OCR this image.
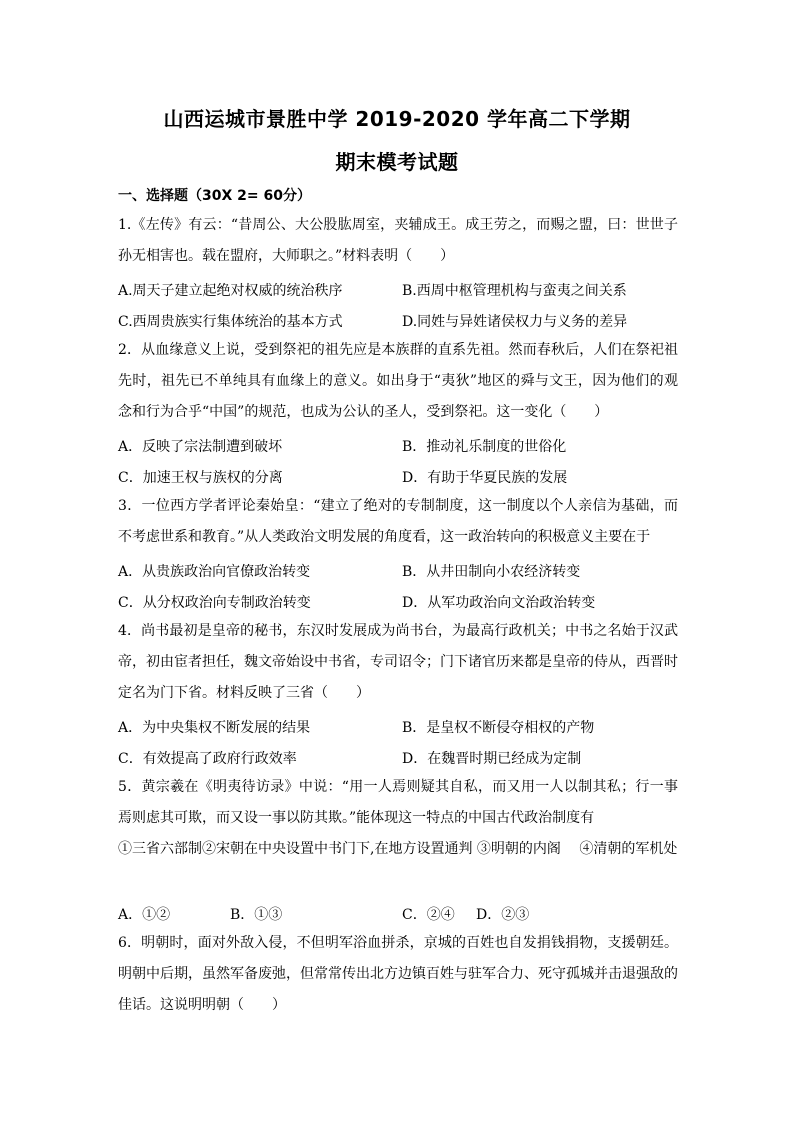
山西运城市景胜中学 2019-2020 学年高二下学期
期末模考试题
一、选择题（30X 2= 60分）

1.《左传》有云：“昔周公、大公股肱周室，夹辅成王。成王劳之，而赐之盟，曰：世世子孙无相害也。载在盟府，大师职之。”材料表明（　　）

A.周天子建立起绝对权威的统治秩序	B.西周中枢管理机构与蛮夷之间关系
C.西周贵族实行集体统治的基本方式	D.同姓与异姓诸侯权力与义务的差异

2．从血缘意义上说，受到祭祀的祖先应是本族群的直系先祖。然而春秋后，人们在祭祀祖先时，祖先已不单纯具有血缘上的意义。如出身于“夷狄”地区的舜与文王，因为他们的观念和行为合乎“中国”的规范，也成为公认的圣人，受到祭祀。这一变化（　　）

A．反映了宗法制遭到破坏	B．推动礼乐制度的世俗化
C．加速王权与族权的分离	D．有助于华夏民族的发展

3．一位西方学者评论秦始皇：“建立了绝对的专制制度，这一制度以个人亲信为基础，而不考虑世系和教育。”从人类政治文明发展的角度看，这一政治转向的积极意义主要在于

A．从贵族政治向官僚政治转变	B．从井田制向小农经济转变
C．从分权政治向专制政治转变	D．从军功政治向文治政治转变

4．尚书最初是皇帝的秘书，东汉时发展成为尚书台，为最高行政机关；中书之名始于汉武帝，初由宦者担任，魏文帝始设中书省，专司诏令；门下诸官历来都是皇帝的侍从，西晋时定名为门下省。材料反映了三省（　　）

A．为中央集权不断发展的结果	B．是皇权不断侵夺相权的产物
C．有效提高了政府行政效率	D．在魏晋时期已经成为定制

5．黄宗羲在《明夷待访录》中说：“用一人焉则疑其自私，而又用一人以制其私；行一事焉则虑其可欺，而又设一事以防其欺。”能体现这一特点的中国古代政治制度有

①三省六部制②宋朝在中央设置中书门下,在地方设置通判 ③明朝的内阁　 ④清朝的军机处

A．①②	B．①③	C．②④ D．②③

6．明朝时，面对外敌入侵，不但明军浴血拼杀，京城的百姓也自发捐钱捐物，支援朝廷。明朝中后期，虽然军备废弛，但常常传出北方边镇百姓与驻军合力、死守孤城并击退强敌的佳话。这说明明朝（　　）
